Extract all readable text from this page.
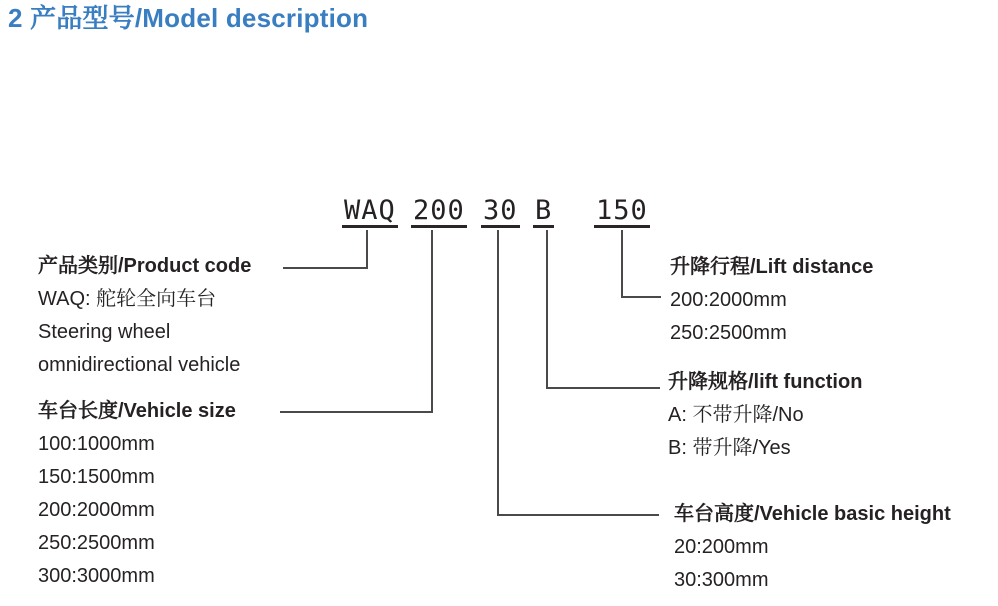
2 产品型号/Model description
WAQ 200 30 B 150
产品类别/Product code
WAQ: 舵轮全向车台
Steering wheel
omnidirectional vehicle
车台长度/Vehicle size
100:1000mm
150:1500mm
200:2000mm
250:2500mm
300:3000mm
升降行程/Lift distance
200:2000mm
250:2500mm
升降规格/lift function
A: 不带升降/No
B: 带升降/Yes
车台高度/Vehicle basic height
20:200mm
30:300mm
